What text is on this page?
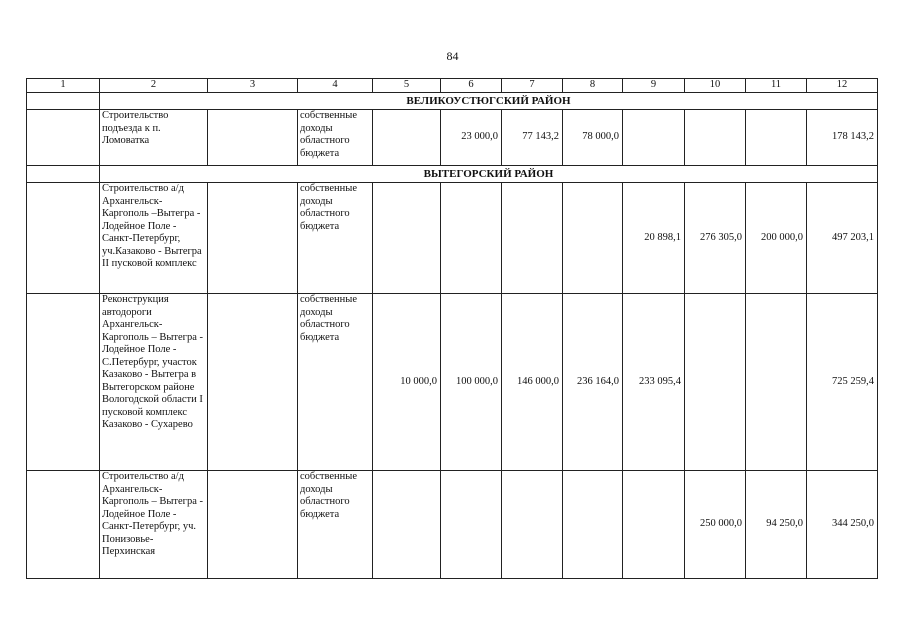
84
1	2	3	4	5	6	7	8	9	10	11	12
	ВЕЛИКОУСТЮГСКИЙ РАЙОН										
	Строительство подъезда к п. Ломоватка		собственные доходы областного бюджета		23 000,0	77 143,2	78 000,0				178 143,2
	ВЫТЕГОРСКИЙ РАЙОН										
	Строительство а/д Архангельск-Каргополь –Вытегра - Лодейное Поле - Санкт-Петербург, уч.Казаково - Вытегра II пусковой комплекс		собственные доходы областного бюджета					20 898,1	276 305,0	200 000,0	497 203,1
	Реконструкция автодороги Архангельск-Каргополь – Вытегра - Лодейное Поле - С.Петербург, участок Казаково - Вытегра в Вытегорском районе Вологодской области I пусковой комплекс Казаково - Сухарево		собственные доходы областного бюджета	10 000,0	100 000,0	146 000,0	236 164,0	233 095,4			725 259,4
	Строительство а/д Архангельск-Каргополь – Вытегра - Лодейное Поле - Санкт-Петербург, уч. Понизовье-Перхинская		собственные доходы областного бюджета						250 000,0	94 250,0	344 250,0
